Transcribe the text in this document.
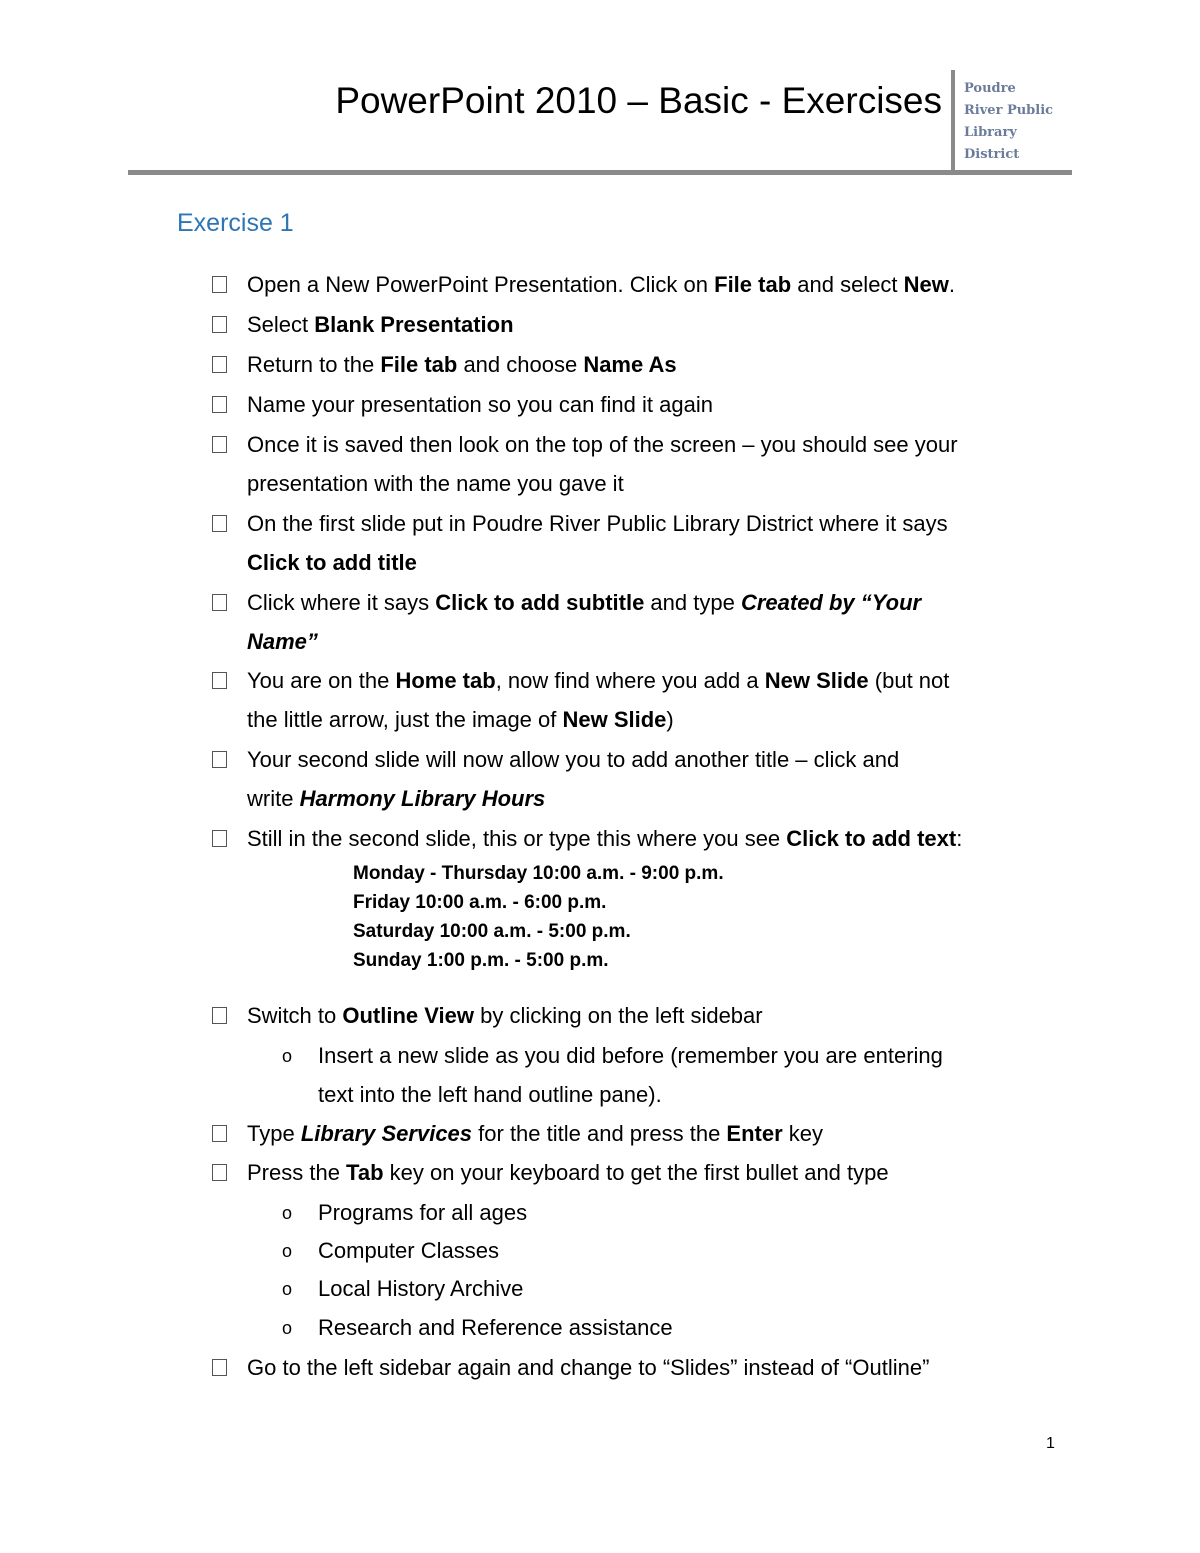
PowerPoint 2010 – Basic - Exercises Poudre
River Public
Library
District
Exercise 1
Open a New PowerPoint Presentation. Click on File tab and select New.
Select Blank Presentation
Return to the File tab and choose Name As
Name your presentation so you can find it again
Once it is saved then look on the top of the screen – you should see your
presentation with the name you gave it
On the first slide put in Poudre River Public Library District where it says
Click to add title
Click where it says Click to add subtitle and type Created by “Your
Name”
You are on the Home tab, now find where you add a New Slide (but not
the little arrow, just the image of New Slide)
Your second slide will now allow you to add another title – click and
write Harmony Library Hours
Still in the second slide, this or type this where you see Click to add text:
Monday - Thursday 10:00 a.m. - 9:00 p.m.
Friday 10:00 a.m. - 6:00 p.m.
Saturday 10:00 a.m. - 5:00 p.m.
Sunday 1:00 p.m. - 5:00 p.m.
Switch to Outline View by clicking on the left sidebar
o Insert a new slide as you did before (remember you are entering
text into the left hand outline pane).
Type Library Services for the title and press the Enter key
Press the Tab key on your keyboard to get the first bullet and type
o Programs for all ages
o Computer Classes
o Local History Archive
o Research and Reference assistance
Go to the left sidebar again and change to “Slides” instead of “Outline”
1
